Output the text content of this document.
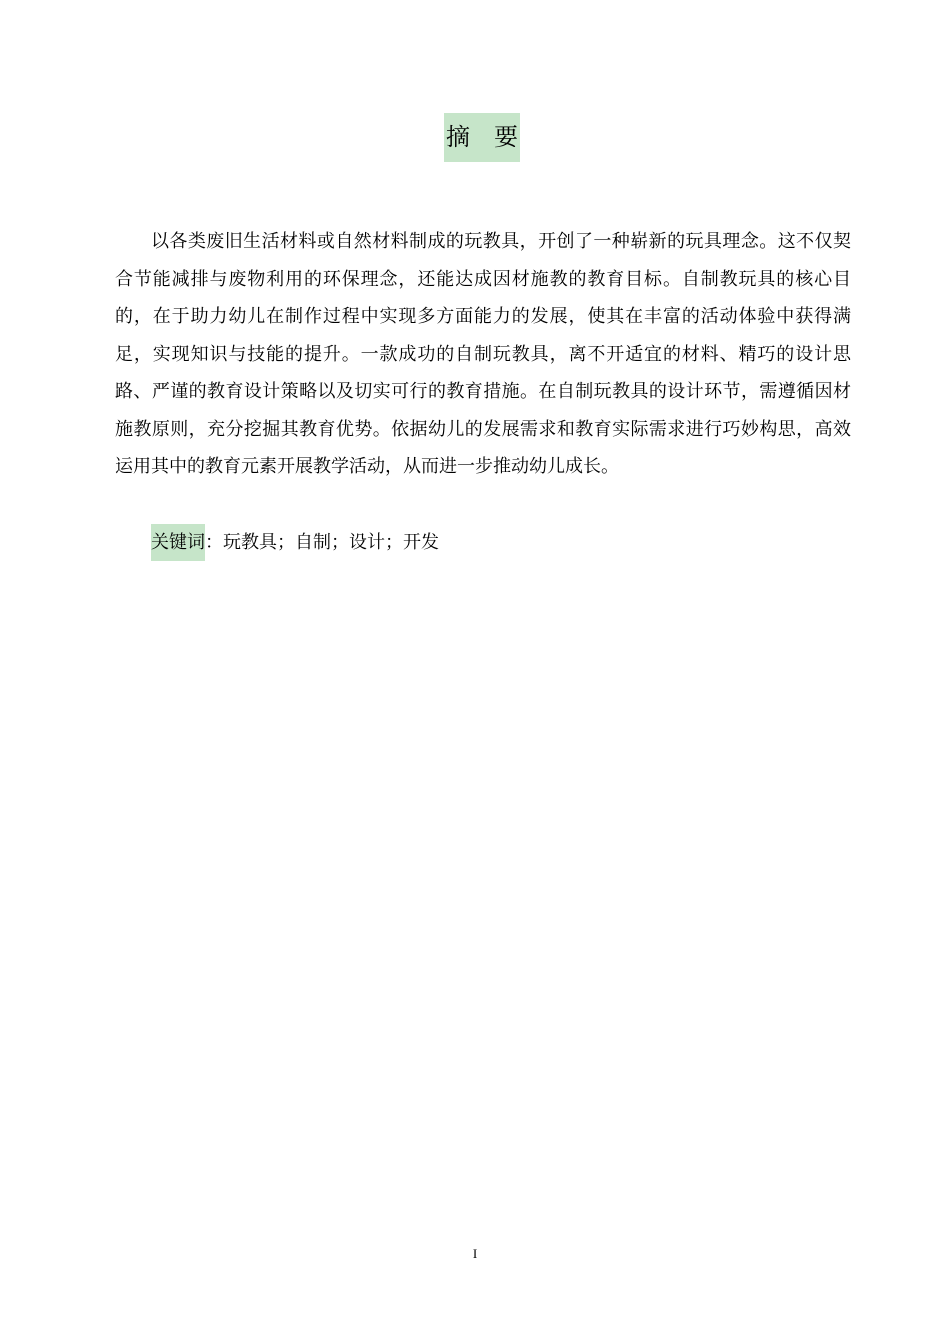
摘　要

以各类废旧生活材料或自然材料制成的玩教具，开创了一种崭新的玩具理念。这不仅契合节能减排与废物利用的环保理念，还能达成因材施教的教育目标。自制教玩具的核心目的，在于助力幼儿在制作过程中实现多方面能力的发展，使其在丰富的活动体验中获得满足，实现知识与技能的提升。一款成功的自制玩教具，离不开适宜的材料、精巧的设计思路、严谨的教育设计策略以及切实可行的教育措施。在自制玩教具的设计环节，需遵循因材施教原则，充分挖掘其教育优势。依据幼儿的发展需求和教育实际需求进行巧妙构思，高效运用其中的教育元素开展教学活动，从而进一步推动幼儿成长。

关键词：玩教具；自制；设计；开发
I
